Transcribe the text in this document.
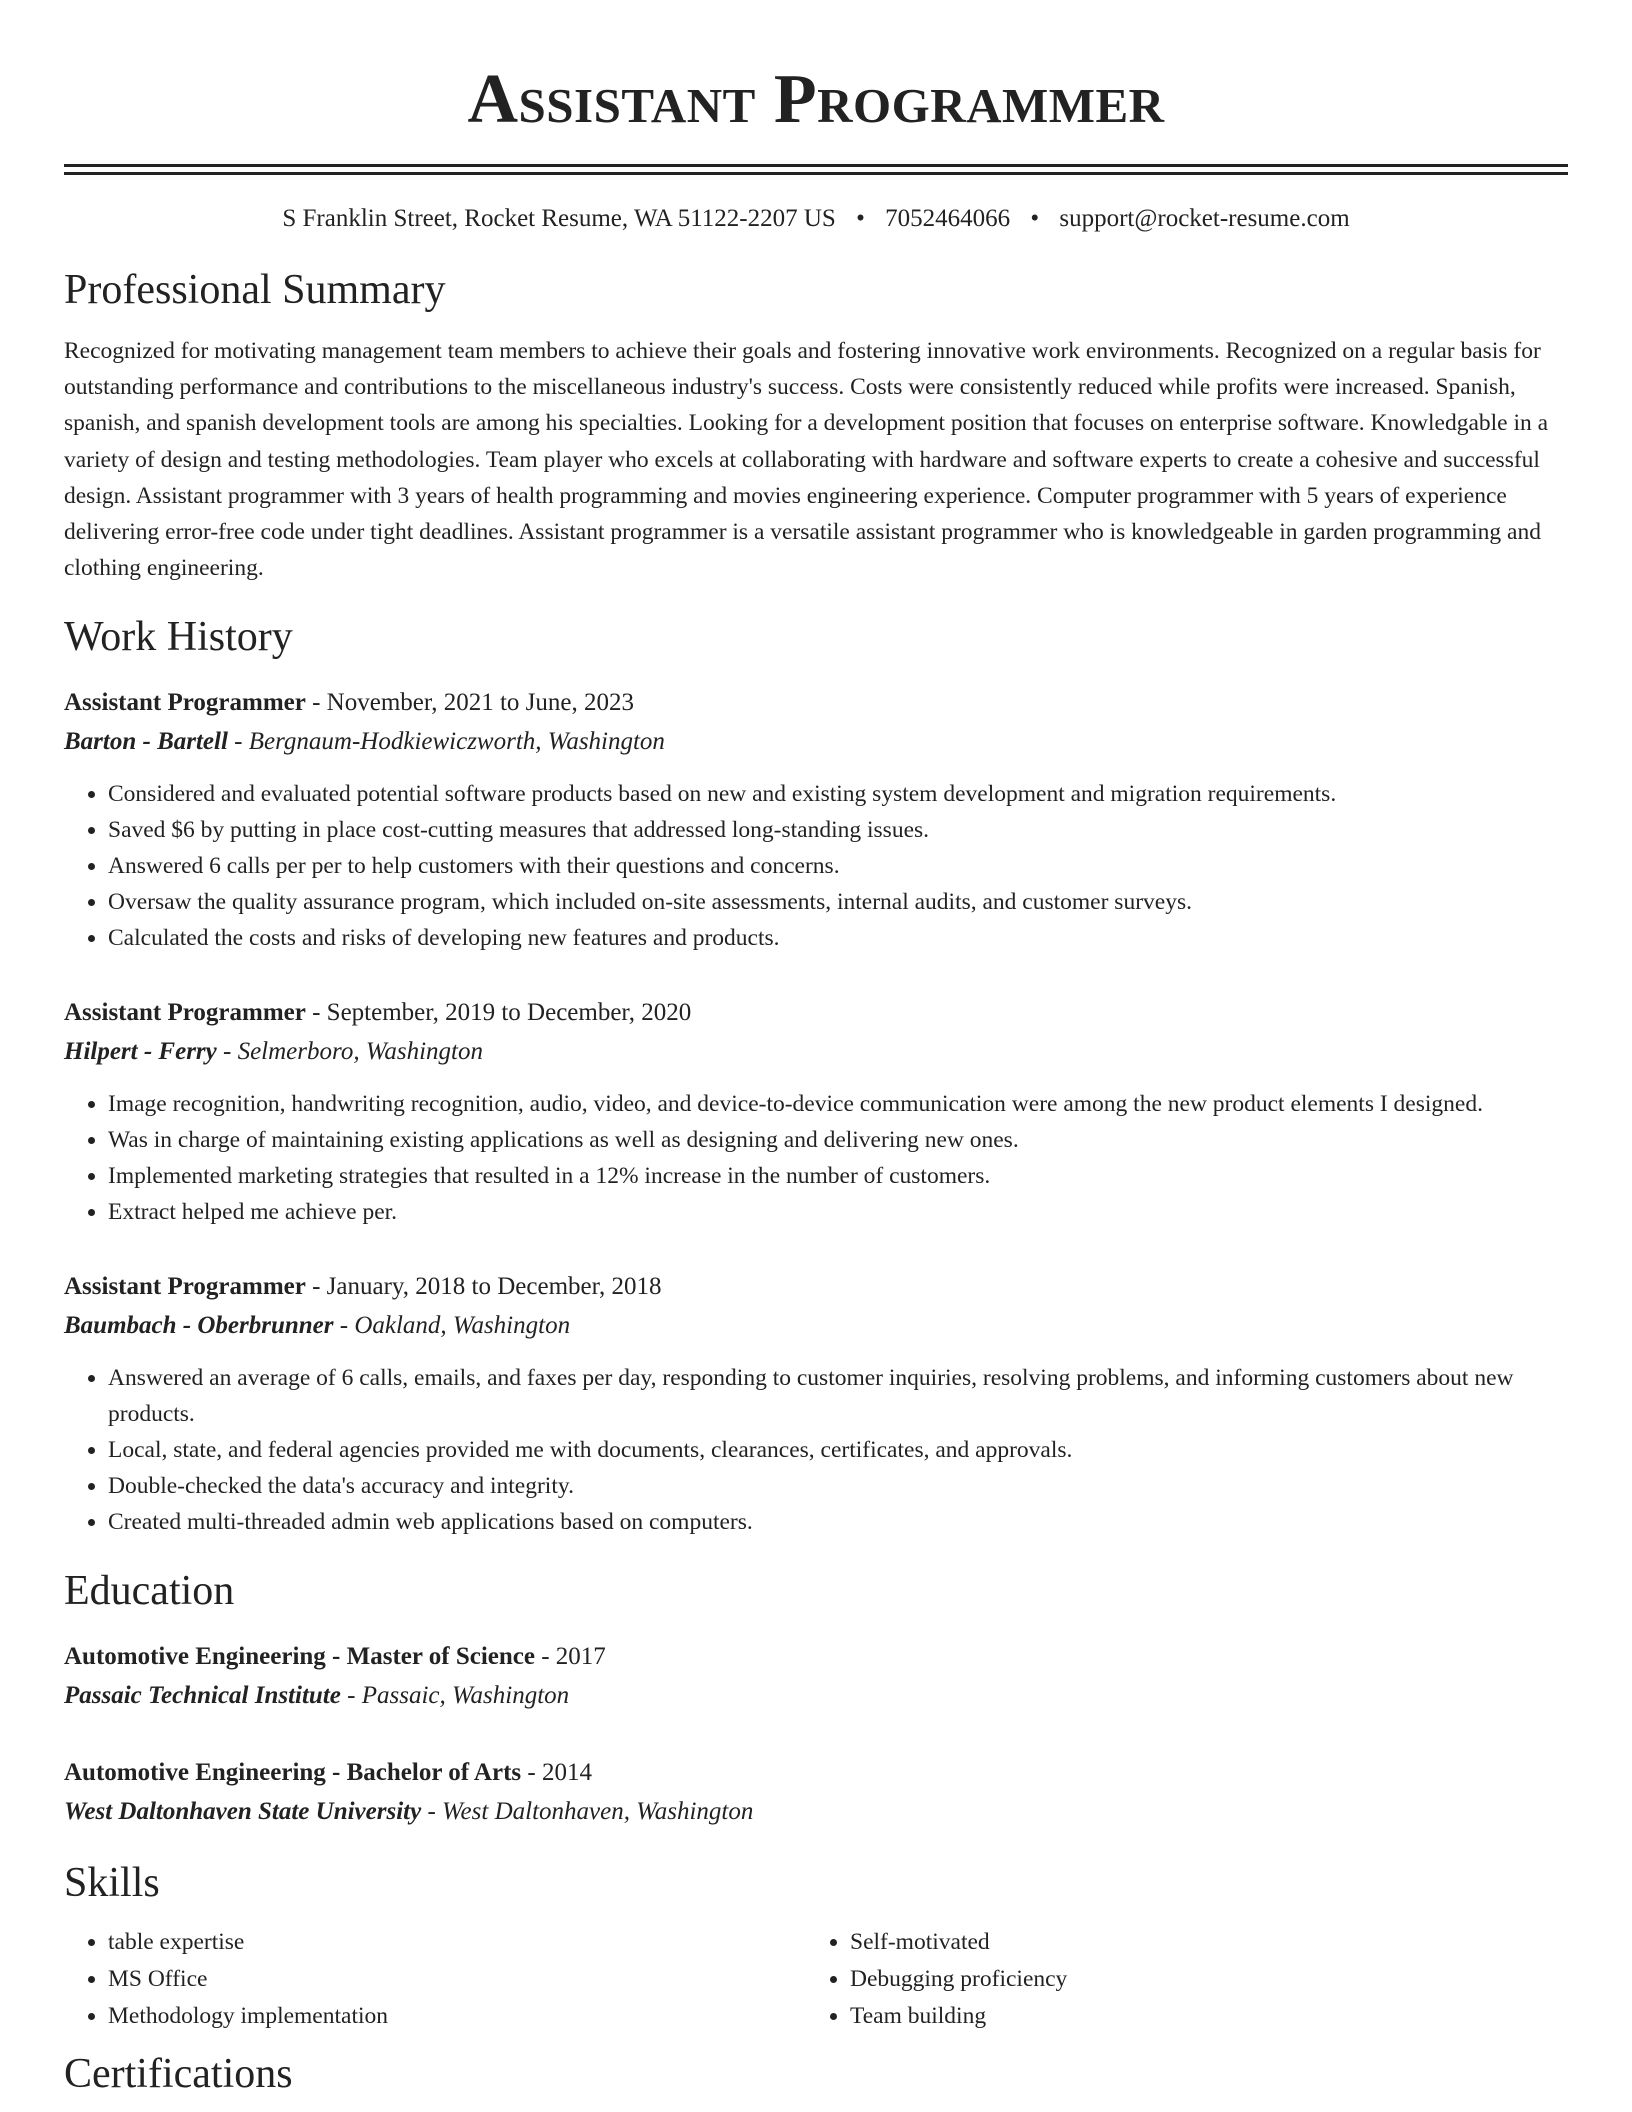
Assistant Programmer
S Franklin Street, Rocket Resume, WA 51122-2207 US • 7052464066 • support@rocket-resume.com
Professional Summary
Recognized for motivating management team members to achieve their goals and fostering innovative work environments. Recognized on a regular basis for outstanding performance and contributions to the miscellaneous industry's success. Costs were consistently reduced while profits were increased. Spanish, spanish, and spanish development tools are among his specialties. Looking for a development position that focuses on enterprise software. Knowledgable in a variety of design and testing methodologies. Team player who excels at collaborating with hardware and software experts to create a cohesive and successful design. Assistant programmer with 3 years of health programming and movies engineering experience. Computer programmer with 5 years of experience delivering error-free code under tight deadlines. Assistant programmer is a versatile assistant programmer who is knowledgeable in garden programming and clothing engineering.
Work History
Assistant Programmer - November, 2021 to June, 2023
Barton - Bartell - Bergnaum-Hodkiewiczworth, Washington
• Considered and evaluated potential software products based on new and existing system development and migration requirements.
• Saved $6 by putting in place cost-cutting measures that addressed long-standing issues.
• Answered 6 calls per per to help customers with their questions and concerns.
• Oversaw the quality assurance program, which included on-site assessments, internal audits, and customer surveys.
• Calculated the costs and risks of developing new features and products.
Assistant Programmer - September, 2019 to December, 2020
Hilpert - Ferry - Selmerboro, Washington
• Image recognition, handwriting recognition, audio, video, and device-to-device communication were among the new product elements I designed.
• Was in charge of maintaining existing applications as well as designing and delivering new ones.
• Implemented marketing strategies that resulted in a 12% increase in the number of customers.
• Extract helped me achieve per.
Assistant Programmer - January, 2018 to December, 2018
Baumbach - Oberbrunner - Oakland, Washington
• Answered an average of 6 calls, emails, and faxes per day, responding to customer inquiries, resolving problems, and informing customers about new products.
• Local, state, and federal agencies provided me with documents, clearances, certificates, and approvals.
• Double-checked the data's accuracy and integrity.
• Created multi-threaded admin web applications based on computers.
Education
Automotive Engineering - Master of Science - 2017
Passaic Technical Institute - Passaic, Washington
Automotive Engineering - Bachelor of Arts - 2014
West Daltonhaven State University - West Daltonhaven, Washington
Skills
• table expertise
• MS Office
• Methodology implementation
• Self-motivated
• Debugging proficiency
• Team building
Certifications
